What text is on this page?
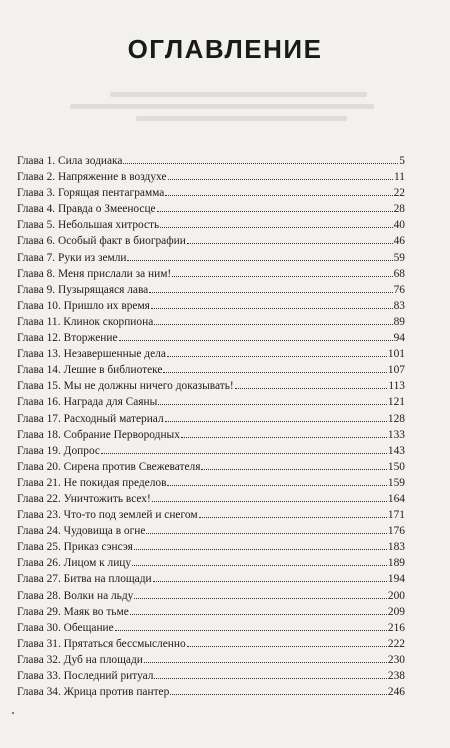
ОГЛАВЛЕНИЕ
Глава 1. Сила зодиака	5
Глава 2. Напряжение в воздухе	11
Глава 3. Горящая пентаграмма	22
Глава 4. Правда о Змееносце	28
Глава 5. Небольшая хитрость	40
Глава 6. Особый факт в биографии	46
Глава 7. Руки из земли	59
Глава 8. Меня прислали за ним!	68
Глава 9. Пузырящаяся лава	76
Глава 10. Пришло их время	83
Глава 11. Клинок скорпиона	89
Глава 12. Вторжение	94
Глава 13. Незавершенные дела	101
Глава 14. Лешие в библиотеке	107
Глава 15. Мы не должны ничего доказывать!	113
Глава 16. Награда для Саяны	121
Глава 17. Расходный материал	128
Глава 18. Собрание Первородных	133
Глава 19. Допрос	143
Глава 20. Сирена против Свежевателя	150
Глава 21. Не покидая пределов	159
Глава 22. Уничтожить всех!	164
Глава 23. Что-то под землей и снегом	171
Глава 24. Чудовища в огне	176
Глава 25. Приказ сэнсэя	183
Глава 26. Лицом к лицу	189
Глава 27. Битва на площади	194
Глава 28. Волки на льду	200
Глава 29. Маяк во тьме	209
Глава 30. Обещание	216
Глава 31. Прятаться бессмысленно	222
Глава 32. Дуб на площади	230
Глава 33. Последний ритуал	238
Глава 34. Жрица против пантер	246
